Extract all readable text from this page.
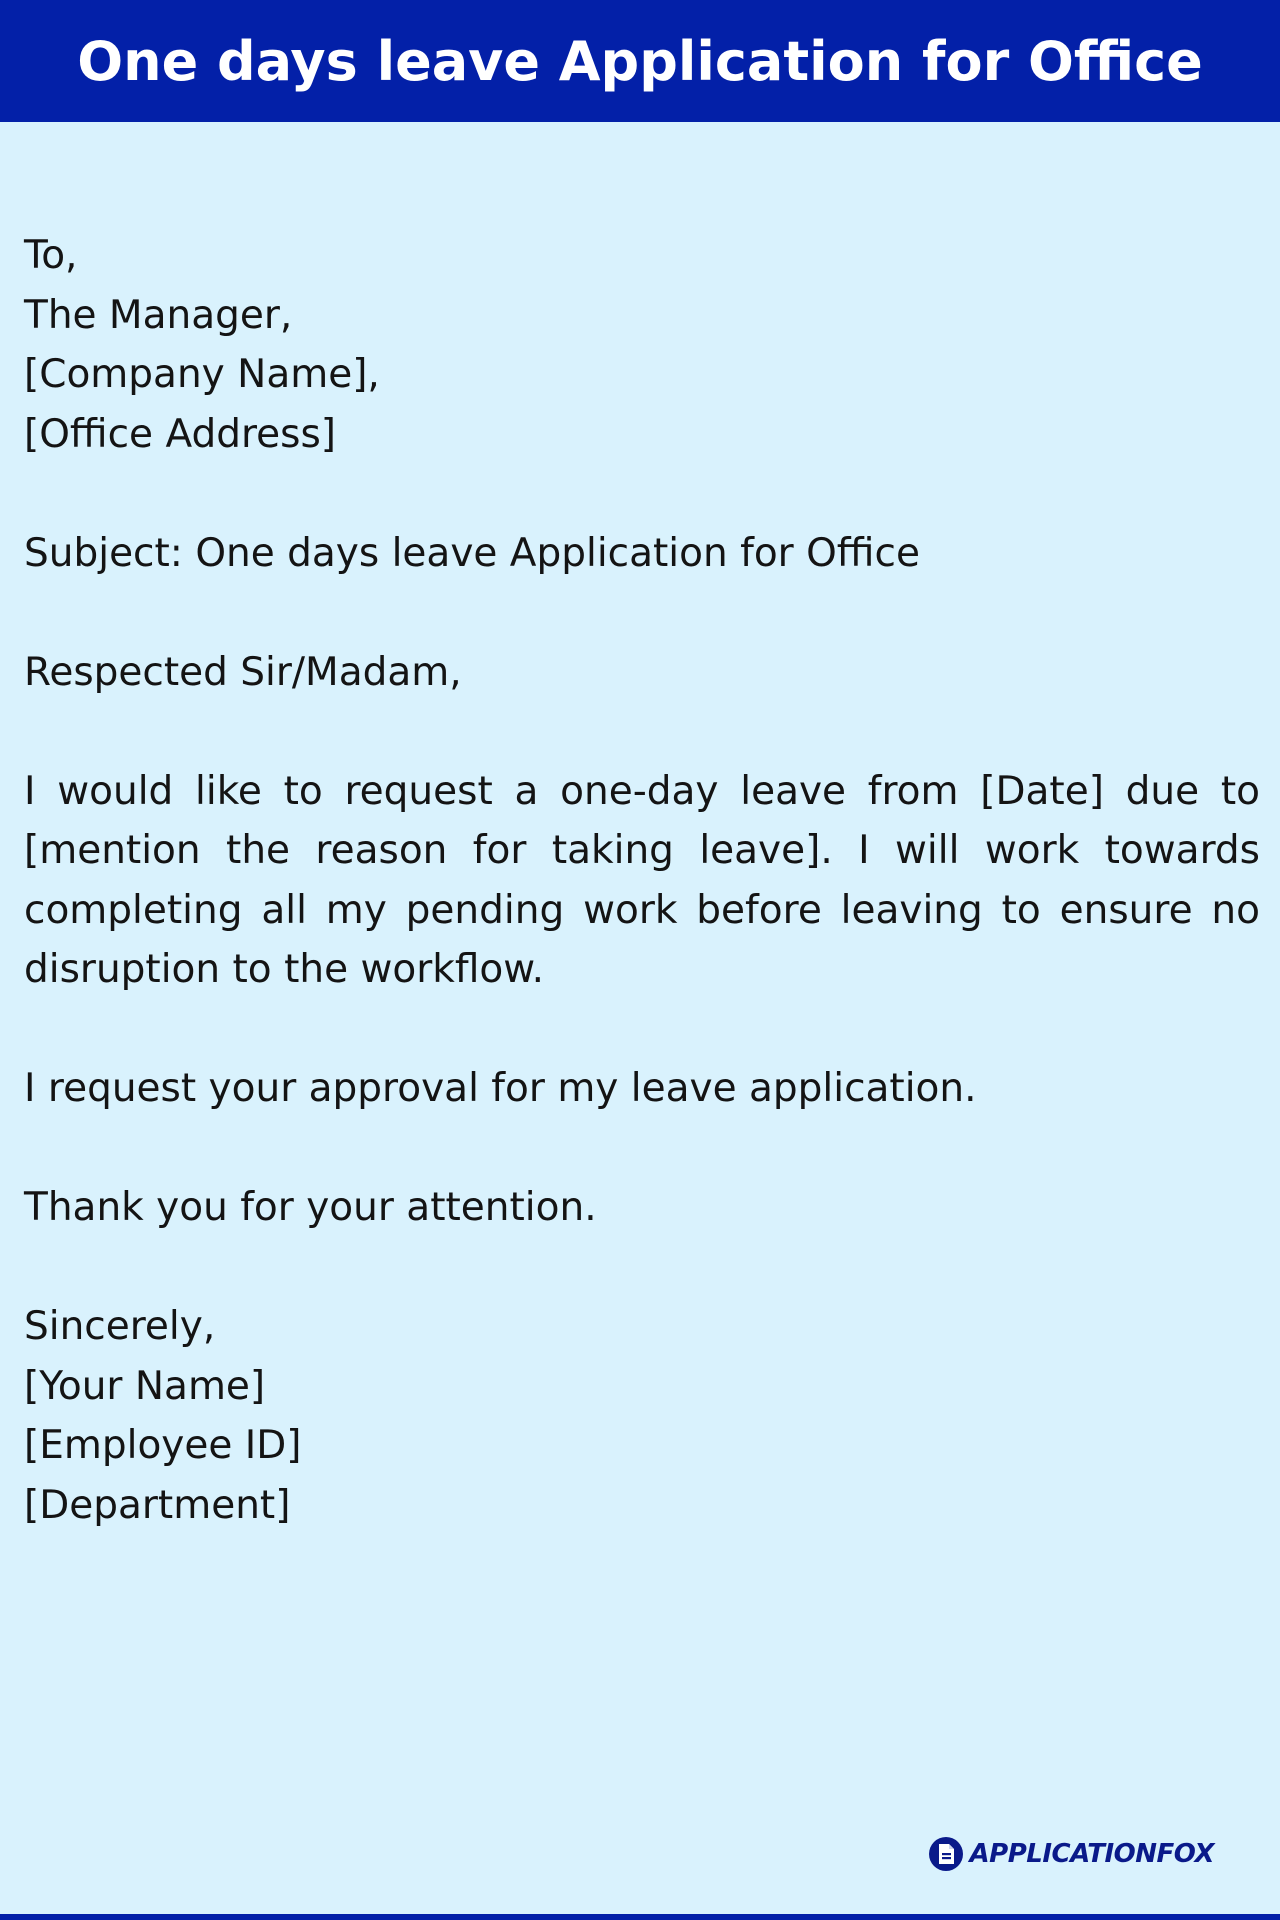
One days leave Application for Office
To,
The Manager,
[Company Name],
[Office Address]
Subject: One days leave Application for Office
Respected Sir/Madam,
I would like to request a one-day leave from [Date] due to [mention the reason for taking leave]. I will work towards completing all my pending work before leaving to ensure no disruption to the workflow.
I request your approval for my leave application.
Thank you for your attention.
Sincerely,
[Your Name]
[Employee ID]
[Department]
APPLICATIONFOX
